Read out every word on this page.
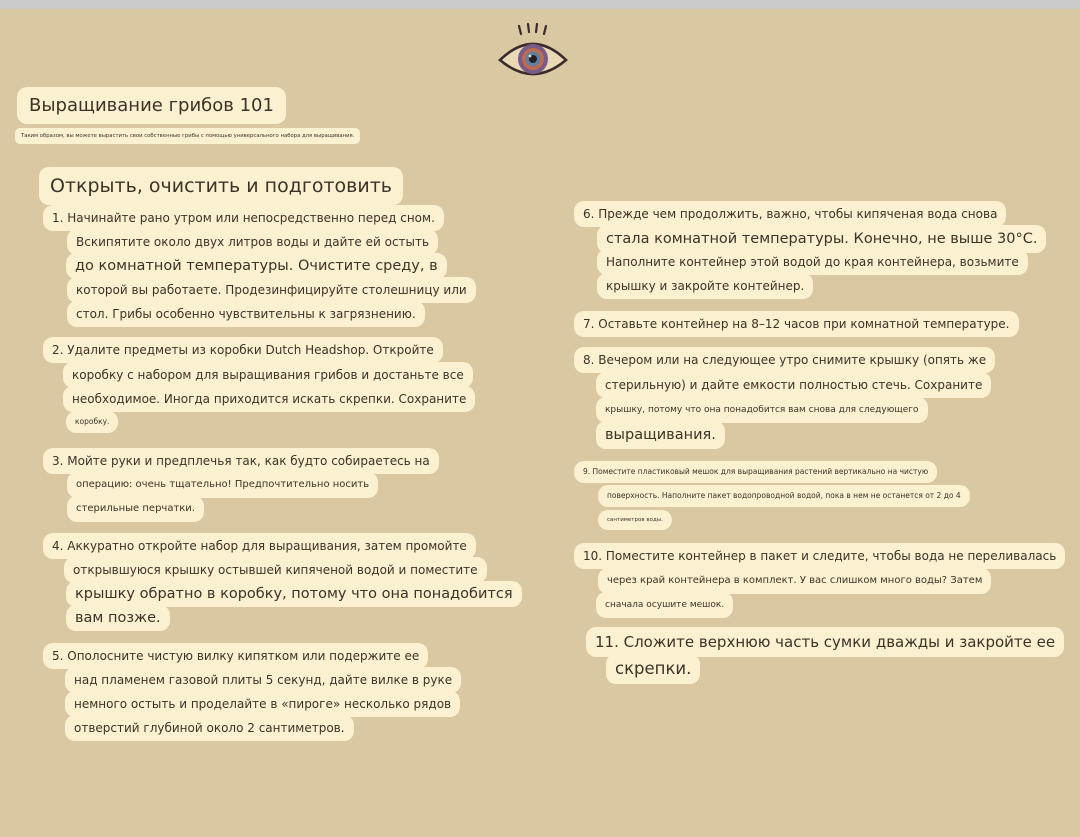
Выращивание грибов 101
Таким образом, вы можете вырастить свои собственные грибы с помощью универсального набора для выращивания.
Открыть, очистить и подготовить
1. Начинайте рано утром или непосредственно перед сном.
Вскипятите около двух литров воды и дайте ей остыть
до комнатной температуры. Очистите среду, в
которой вы работаете. Продезинфицируйте столешницу или
стол. Грибы особенно чувствительны к загрязнению.
2. Удалите предметы из коробки Dutch Headshop. Откройте
коробку с набором для выращивания грибов и достаньте все
необходимое. Иногда приходится искать скрепки. Сохраните
коробку.
3. Мойте руки и предплечья так, как будто собираетесь на
операцию: очень тщательно! Предпочтительно носить
стерильные перчатки.
4. Аккуратно откройте набор для выращивания, затем промойте
открывшуюся крышку остывшей кипяченой водой и поместите
крышку обратно в коробку, потому что она понадобится
вам позже.
5. Ополосните чистую вилку кипятком или подержите ее
над пламенем газовой плиты 5 секунд, дайте вилке в руке
немного остыть и проделайте в «пироге» несколько рядов
отверстий глубиной около 2 сантиметров.
6. Прежде чем продолжить, важно, чтобы кипяченая вода снова
стала комнатной температуры. Конечно, не выше 30°C.
Наполните контейнер этой водой до края контейнера, возьмите
крышку и закройте контейнер.
7. Оставьте контейнер на 8–12 часов при комнатной температуре.
8. Вечером или на следующее утро снимите крышку (опять же
стерильную) и дайте емкости полностью стечь. Сохраните
крышку, потому что она понадобится вам снова для следующего
выращивания.
9. Поместите пластиковый мешок для выращивания растений вертикально на чистую
поверхность. Наполните пакет водопроводной водой, пока в нем не останется от 2 до 4
сантиметров воды.
10. Поместите контейнер в пакет и следите, чтобы вода не переливалась
через край контейнера в комплект. У вас слишком много воды? Затем
сначала осушите мешок.
11. Сложите верхнюю часть сумки дважды и закройте ее
скрепки.
